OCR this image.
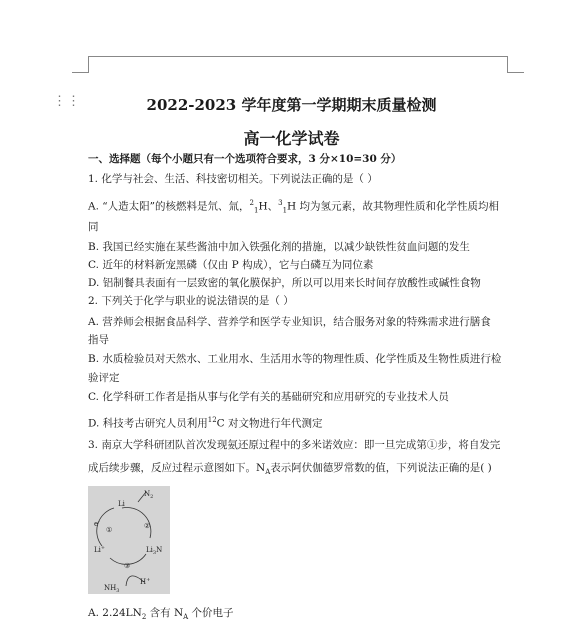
⋮⋮	2022-2023 学年度第一学期期末质量检测
高一化学试卷
一、选择题（每个小题只有一个选项符合要求，3 分×10=30 分）
1. 化学与社会、生活、科技密切相关。下列说法正确的是（ ）
A. “人造太阳”的核燃料是氘、氚，$^2_1$H、$^3_1$H 均为氢元素，故其物理性质和化学性质均相
同
B. 我国已经实施在某些酱油中加入铁强化剂的措施，以减少缺铁性贫血问题的发生
C. 近年的材料新宠黑磷（仅由 P 构成），它与白磷互为同位素
D. 铝制餐具表面有一层致密的氧化膜保护，所以可以用来长时间存放酸性或碱性食物
2. 下列关于化学与职业的说法错误的是（ ）
A. 营养师会根据食品科学、营养学和医学专业知识，结合服务对象的特殊需求进行膳食
指导
B. 水质检验员对天然水、工业用水、生活用水等的物理性质、化学性质及生物性质进行检
验评定
C. 化学科研工作者是指从事与化学有关的基础研究和应用研究的专业技术人员
D. 科技考古研究人员利用$^{12}$C 对文物进行年代测定
3. 南京大学科研团队首次发现氨还原过程中的多米诺效应：即一旦完成第①步，将自发完
成后续步骤，反应过程示意图如下。$N_A$表示阿伏伽德罗常数的值，下列说法正确的是( )
Li
$N_2$
$Li_3N$
Li+
H+
$NH_3$
e-
①	②
③
A. $2.24LN_2$ 含有 $N_A$ 个价电子
